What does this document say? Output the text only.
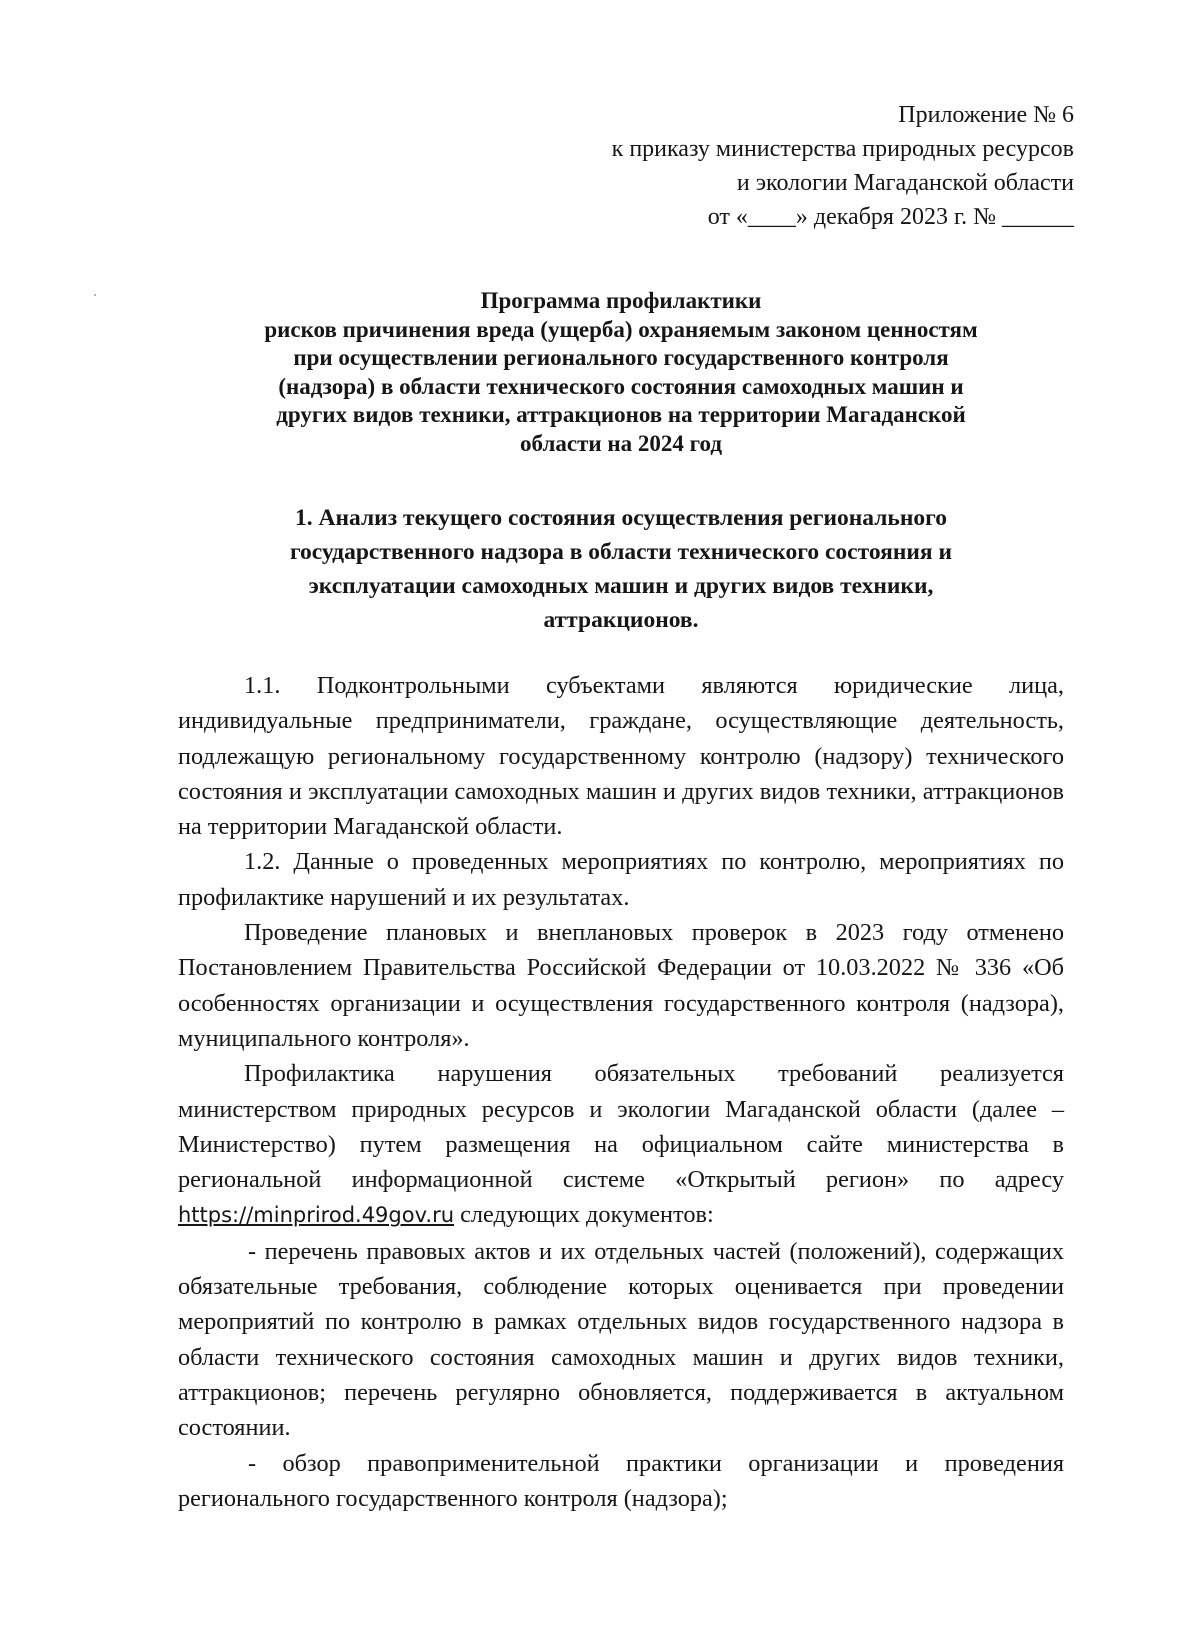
Приложение № 6
к приказу министерства природных ресурсов
и экологии Магаданской области
от «____» декабря 2023 г. № ______
Программа профилактики
рисков причинения вреда (ущерба) охраняемым законом ценностям
при осуществлении регионального государственного контроля
(надзора) в области технического состояния самоходных машин и
других видов техники, аттракционов на территории Магаданской
области на 2024 год
1. Анализ текущего состояния осуществления регионального
государственного надзора в области технического состояния и
эксплуатации самоходных машин и других видов техники,
аттракционов.

1.1. Подконтрольными субъектами являются юридические лица, индивидуальные предприниматели, граждане, осуществляющие деятельность, подлежащую региональному государственному контролю (надзору) технического состояния и эксплуатации самоходных машин и других видов техники, аттракционов на территории Магаданской области.

1.2. Данные о проведенных мероприятиях по контролю, мероприятиях по профилактике нарушений и их результатах.

Проведение плановых и внеплановых проверок в 2023 году отменено Постановлением Правительства Российской Федерации от 10.03.2022 № 336 «Об особенностях организации и осуществления государственного контроля (надзора), муниципального контроля».

Профилактика нарушения обязательных требований реализуется министерством природных ресурсов и экологии Магаданской области (далее – Министерство) путем размещения на официальном сайте министерства в региональной информационной системе «Открытый регион» по адресу https://minprirod.49gov.ru следующих документов:

- перечень правовых актов и их отдельных частей (положений), содержащих обязательные требования, соблюдение которых оценивается при проведении мероприятий по контролю в рамках отдельных видов государственного надзора в области технического состояния самоходных машин и других видов техники, аттракционов; перечень регулярно обновляется, поддерживается в актуальном состоянии.

- обзор правоприменительной практики организации и проведения регионального государственного контроля (надзора);
